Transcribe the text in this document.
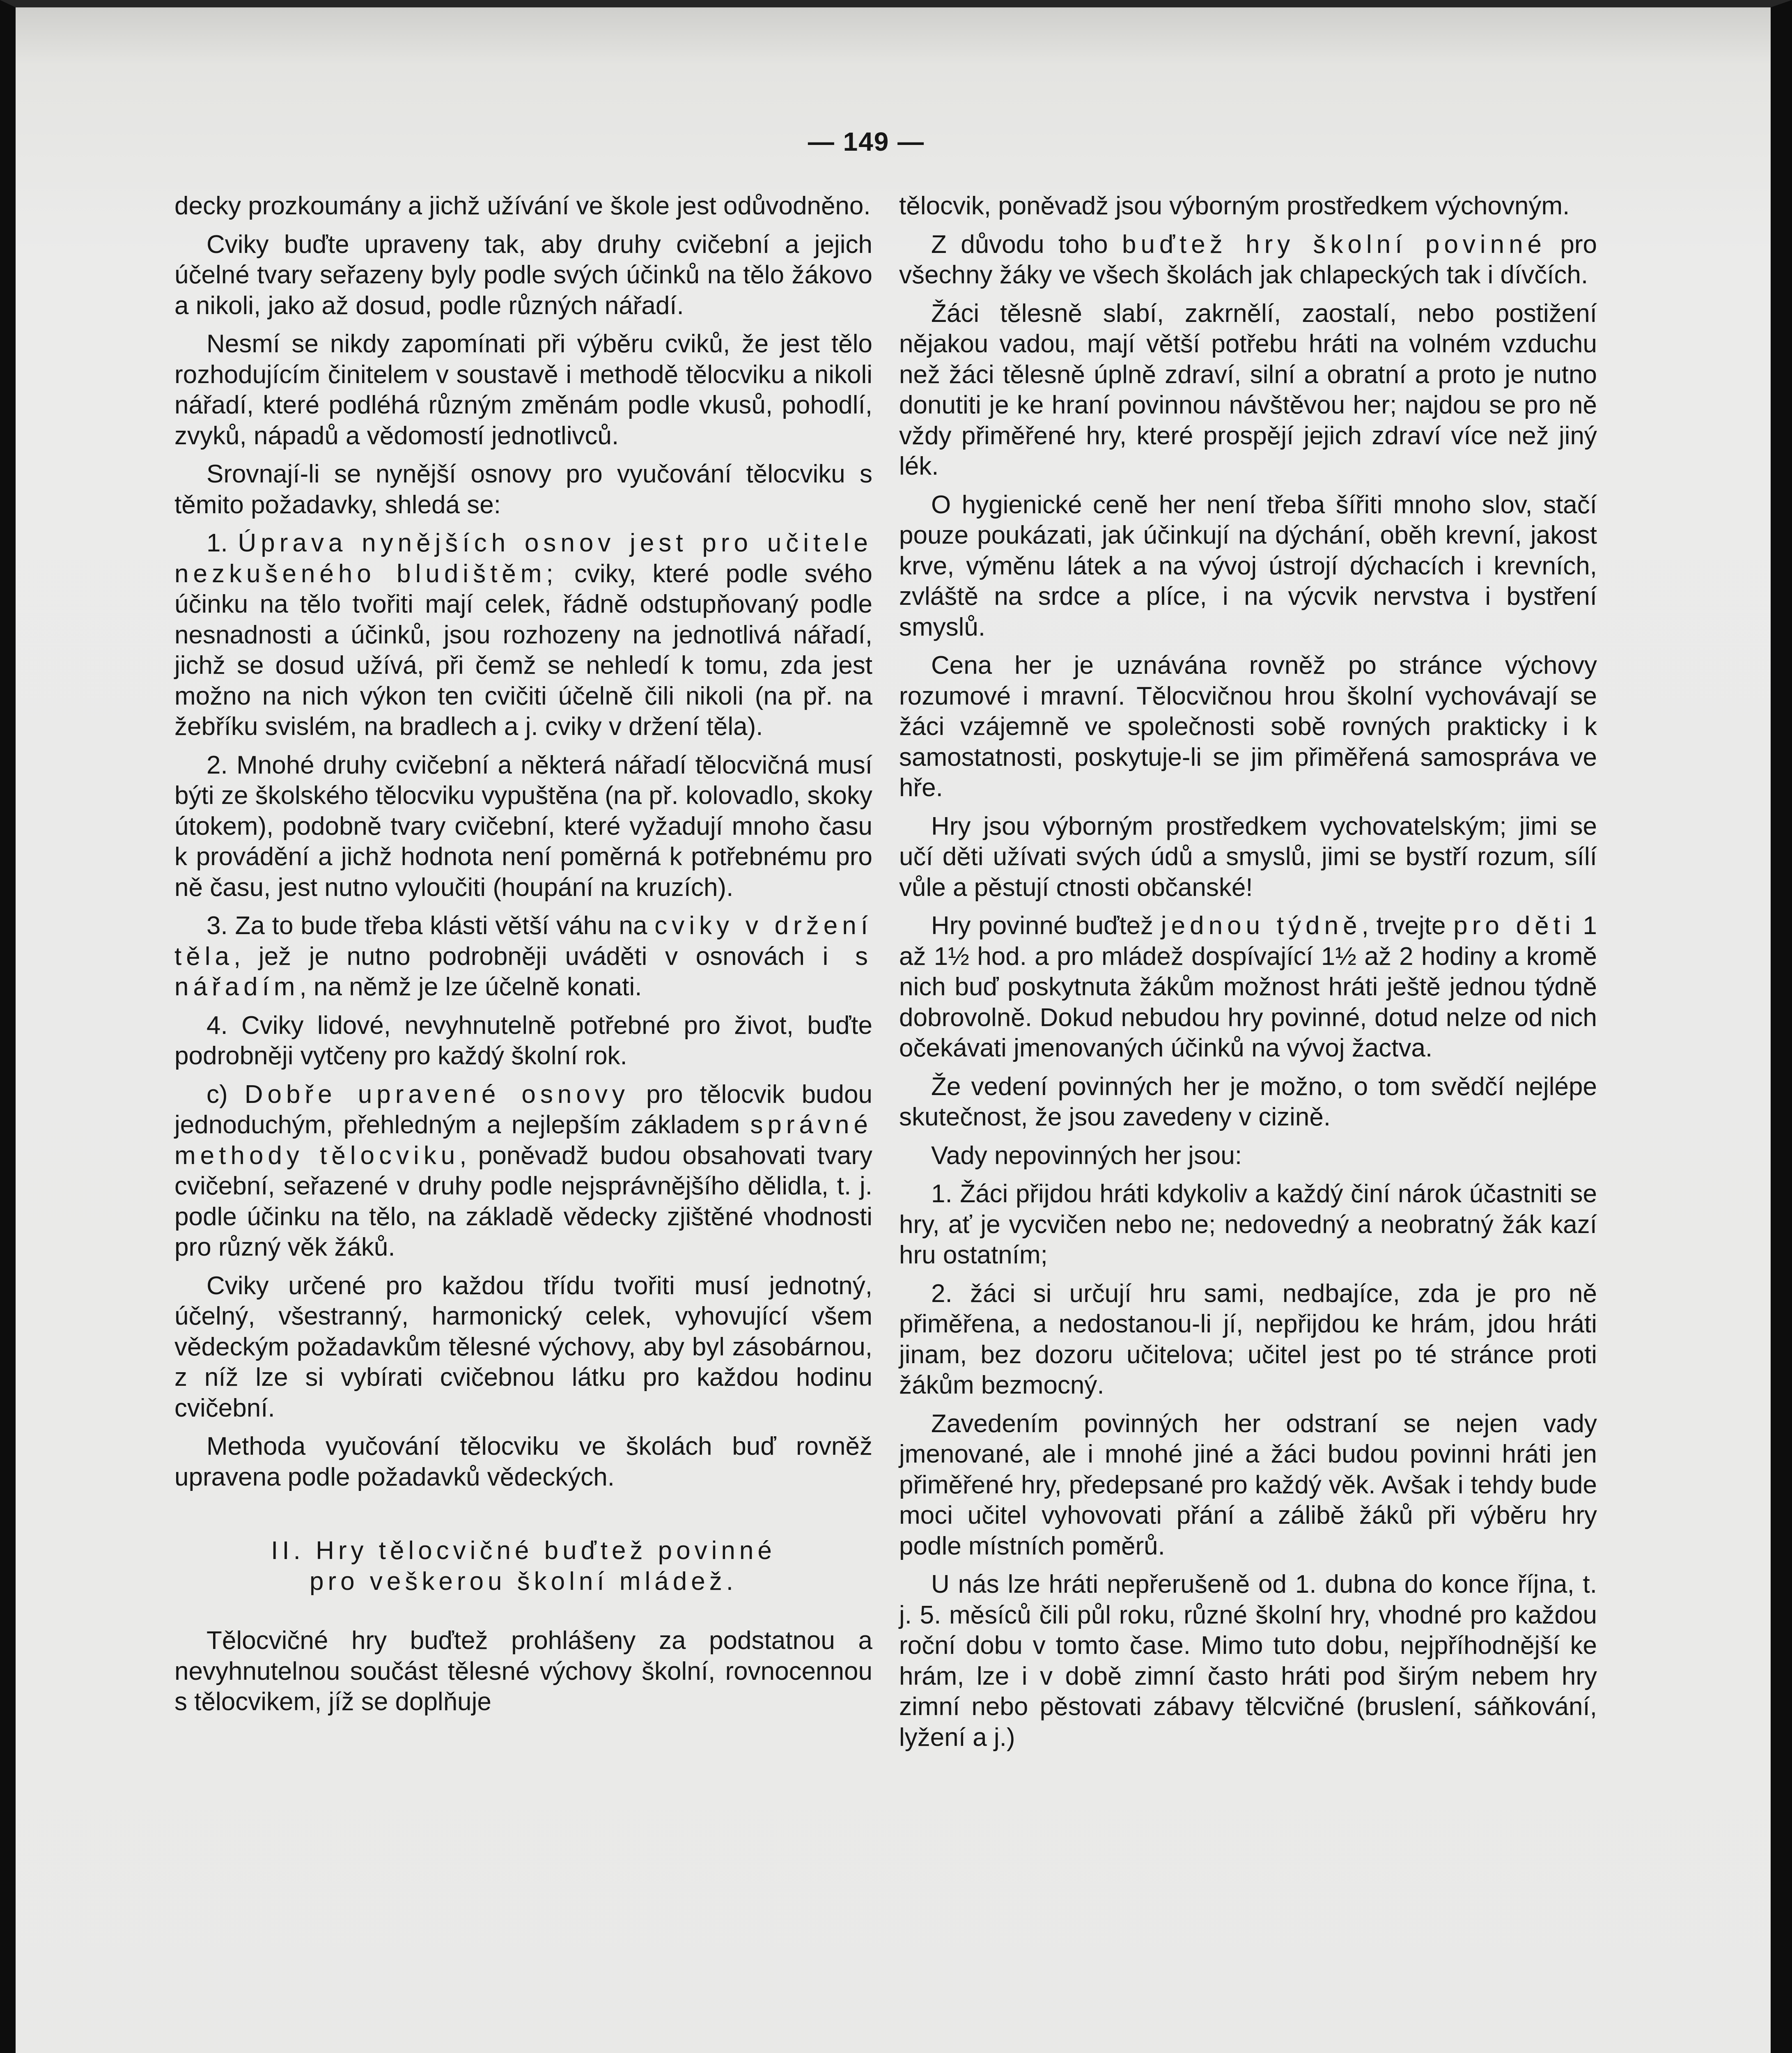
— 149 —

decky prozkoumány a jichž užívání ve škole jest odůvodněno.

Cviky buďte upraveny tak, aby druhy cvičební a jejich účelné tvary seřazeny byly podle svých účinků na tělo žákovo a nikoli, jako až dosud, podle různých nářadí.

Nesmí se nikdy zapomínati při výběru cviků, že jest tělo rozhodujícím činitelem v soustavě i methodě tělocviku a nikoli nářadí, které podléhá různým změnám podle vkusů, pohodlí, zvyků, nápadů a vědomostí jednotlivců.

Srovnají-li se nynější osnovy pro vyučování tělocviku s těmito požadavky, shledá se:

1. Úprava nynějších osnov jest pro učitele nezkušeného bludištěm; cviky, které podle svého účinku na tělo tvořiti mají celek, řádně odstupňovaný podle nesnadnosti a účinků, jsou rozhozeny na jednotlivá nářadí, jichž se dosud užívá, při čemž se nehledí k tomu, zda jest možno na nich výkon ten cvičiti účelně čili nikoli (na př. na žebříku svislém, na bradlech a j. cviky v držení těla).

2. Mnohé druhy cvičební a některá nářadí tělocvičná musí býti ze školského tělocviku vypuštěna (na př. kolovadlo, skoky útokem), podobně tvary cvičební, které vyžadují mnoho času k provádění a jichž hodnota není poměrná k potřebnému pro ně času, jest nutno vyloučiti (houpání na kruzích).

3. Za to bude třeba klásti větší váhu na cviky v držení těla, jež je nutno podrobněji uváděti v osnovách i s nářadím, na němž je lze účelně konati.

4. Cviky lidové, nevyhnutelně potřebné pro život, buďte podrobněji vytčeny pro každý školní rok.

c) Dobře upravené osnovy pro tělocvik budou jednoduchým, přehledným a nejlepším základem správné methody tělocviku, poněvadž budou obsahovati tvary cvičební, seřazené v druhy podle nejsprávnějšího dělidla, t. j. podle účinku na tělo, na základě vědecky zjištěné vhodnosti pro různý věk žáků.

Cviky určené pro každou třídu tvořiti musí jednotný, účelný, všestranný, harmonický celek, vyhovující všem vědeckým požadavkům tělesné výchovy, aby byl zásobárnou, z níž lze si vybírati cvičebnou látku pro každou hodinu cvičební.

Methoda vyučování tělocviku ve školách buď rovněž upravena podle požadavků vědeckých.

II. Hry tělocvičné buďtež povinné
pro veškerou školní mládež.

Tělocvičné hry buďtež prohlášeny za podstatnou a nevyhnutelnou součást tělesné výchovy školní, rovnocennou s tělocvikem, jíž se doplňuje

tělocvik, poněvadž jsou výborným prostředkem výchovným.

Z důvodu toho buďtež hry školní povinné pro všechny žáky ve všech školách jak chlapeckých tak i dívčích.

Žáci tělesně slabí, zakrnělí, zaostalí, nebo postižení nějakou vadou, mají větší potřebu hráti na volném vzduchu než žáci tělesně úplně zdraví, silní a obratní a proto je nutno donutiti je ke hraní povinnou návštěvou her; najdou se pro ně vždy přiměřené hry, které prospějí jejich zdraví více než jiný lék.

O hygienické ceně her není třeba šířiti mnoho slov, stačí pouze poukázati, jak účinkují na dýchání, oběh krevní, jakost krve, výměnu látek a na vývoj ústrojí dýchacích i krevních, zvláště na srdce a plíce, i na výcvik nervstva i bystření smyslů.

Cena her je uznávána rovněž po stránce výchovy rozumové i mravní. Tělocvičnou hrou školní vychovávají se žáci vzájemně ve společnosti sobě rovných prakticky i k samostatnosti, poskytuje-li se jim přiměřená samospráva ve hře.

Hry jsou výborným prostředkem vychovatelským; jimi se učí děti užívati svých údů a smyslů, jimi se bystří rozum, sílí vůle a pěstují ctnosti občanské!

Hry povinné buďtež jednou týdně, trvejte pro děti 1 až 1½ hod. a pro mládež dospívající 1½ až 2 hodiny a kromě nich buď poskytnuta žákům možnost hráti ještě jednou týdně dobrovolně. Dokud nebudou hry povinné, dotud nelze od nich očekávati jmenovaných účinků na vývoj žactva.

Že vedení povinných her je možno, o tom svědčí nejlépe skutečnost, že jsou zavedeny v cizině.

Vady nepovinných her jsou:

1. Žáci přijdou hráti kdykoliv a každý činí nárok účastniti se hry, ať je vycvičen nebo ne; nedovedný a neobratný žák kazí hru ostatním;

2. žáci si určují hru sami, nedbajíce, zda je pro ně přiměřena, a nedostanou-li jí, nepřijdou ke hrám, jdou hráti jinam, bez dozoru učitelova; učitel jest po té stránce proti žákům bezmocný.

Zavedením povinných her odstraní se nejen vady jmenované, ale i mnohé jiné a žáci budou povinni hráti jen přiměřené hry, předepsané pro každý věk. Avšak i tehdy bude moci učitel vyhovovati přání a zálibě žáků při výběru hry podle místních poměrů.

U nás lze hráti nepřerušeně od 1. dubna do konce října, t. j. 5. měsíců čili půl roku, různé školní hry, vhodné pro každou roční dobu v tomto čase. Mimo tuto dobu, nejpříhodnější ke hrám, lze i v době zimní často hráti pod širým nebem hry zimní nebo pěstovati zábavy tělcvičné (bruslení, sáňkování, lyžení a j.)
